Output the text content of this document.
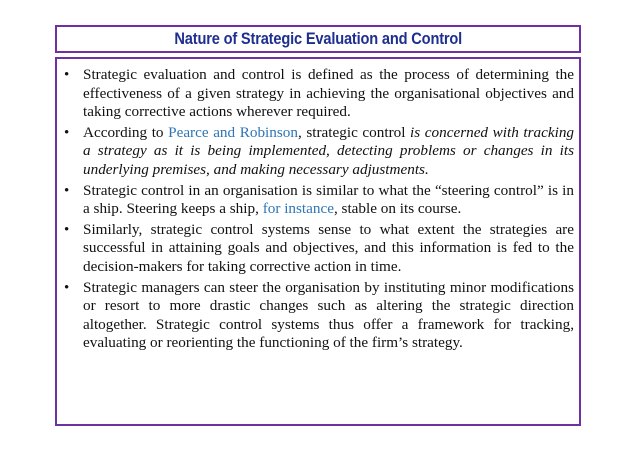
Nature of Strategic Evaluation and Control
• Strategic evaluation and control is defined as the process of determining the effectiveness of a given strategy in achieving the organisational objectives and taking corrective actions wherever required.
• According to Pearce and Robinson, strategic control is concerned with tracking a strategy as it is being implemented, detecting problems or changes in its underlying premises, and making necessary adjustments.
• Strategic control in an organisation is similar to what the “steering control” is in a ship. Steering keeps a ship, for instance, stable on its course.
• Similarly, strategic control systems sense to what extent the strategies are successful in attaining goals and objectives, and this information is fed to the decision-makers for taking corrective action in time.
• Strategic managers can steer the organisation by instituting minor modifications or resort to more drastic changes such as altering the strategic direction altogether. Strategic control systems thus offer a framework for tracking, evaluating or reorienting the functioning of the firm’s strategy.
